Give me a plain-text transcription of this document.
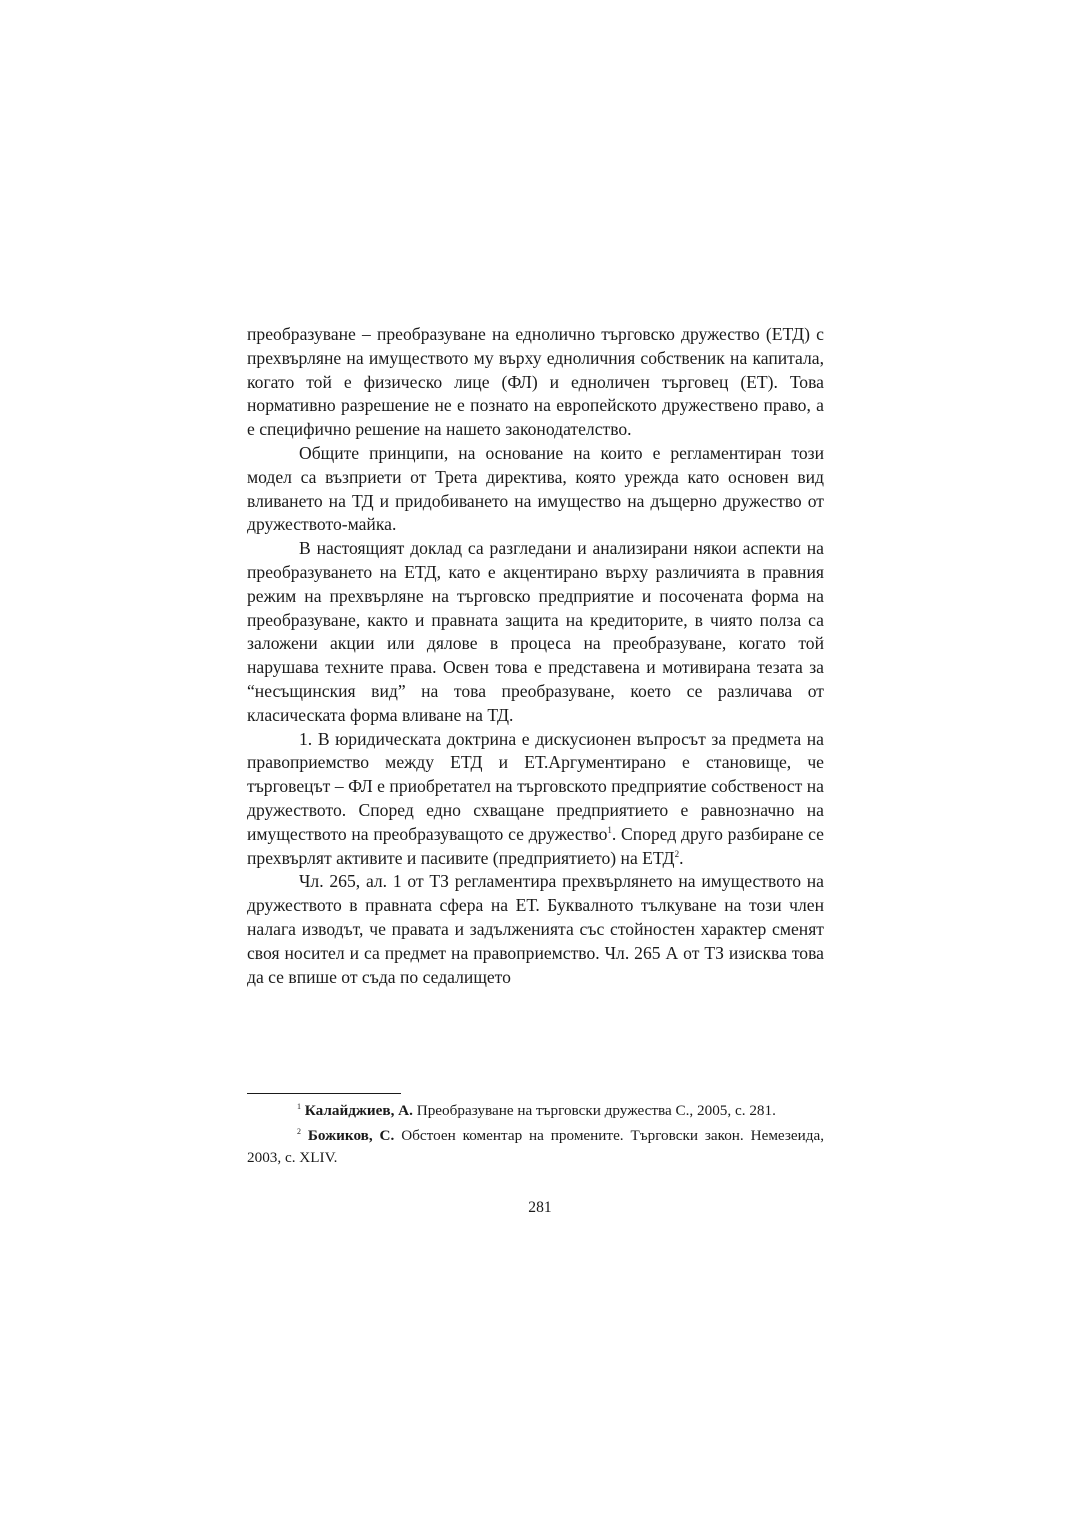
преобразуване – преобразуване на еднолично търговско дружество (ЕТД) с прехвърляне на имуществото му върху едноличния собственик на капитала, когато той е физическо лице (ФЛ) и едноличен търговец (ЕТ). Това нормативно разрешение не е познато на европейското дружествено право, а е специфично решение на нашето законодателство.

Общите принципи, на основание на които е регламентиран този модел са възприети от Трета директива, която урежда като основен вид вливането на ТД и придобиването на имущество на дъщерно дружество от дружеството-майка.

В настоящият доклад са разгледани и анализирани някои аспекти на преобразуването на ЕТД, като е акцентирано върху различията в правния режим на прехвърляне на търговско предприятие и посочената форма на преобразуване, както и правната защита на кредиторите, в чиято полза са заложени акции или дялове в процеса на преобразуване, когато той нарушава техните права. Освен това е представена и мотивирана тезата за “несъщинския вид” на това преобразуване, което се различава от класическата форма вливане на ТД.

1. В юридическата доктрина е дискусионен въпросът за предмета на правоприемство между ЕТД и ЕТ.Аргументирано е становище, че търговецът – ФЛ е приобретател на търговското предприятие собственост на дружеството. Според едно схващане предприятието е равнозначно на имуществото на преобразуващото се дружество$^1$. Според друго разбиране се прехвърлят активите и пасивите (предприятието) на ЕТД$^2$.

Чл. 265, ал. 1 от ТЗ регламентира прехвърлянето на имуществото на дружеството в правната сфера на ЕТ. Буквалното тълкуване на този член налага изводът, че правата и задълженията със стойностен характер сменят своя носител и са предмет на правоприемство. Чл. 265 А от ТЗ изисква това да се впише от съда по седалището

$^1$ Калайджиев, А. Преобразуване на търговски дружества С., 2005, с. 281.

$^2$ Божиков, С. Обстоен коментар на промените. Търговски закон. Немезеида, 2003, с. XLIV.

281
